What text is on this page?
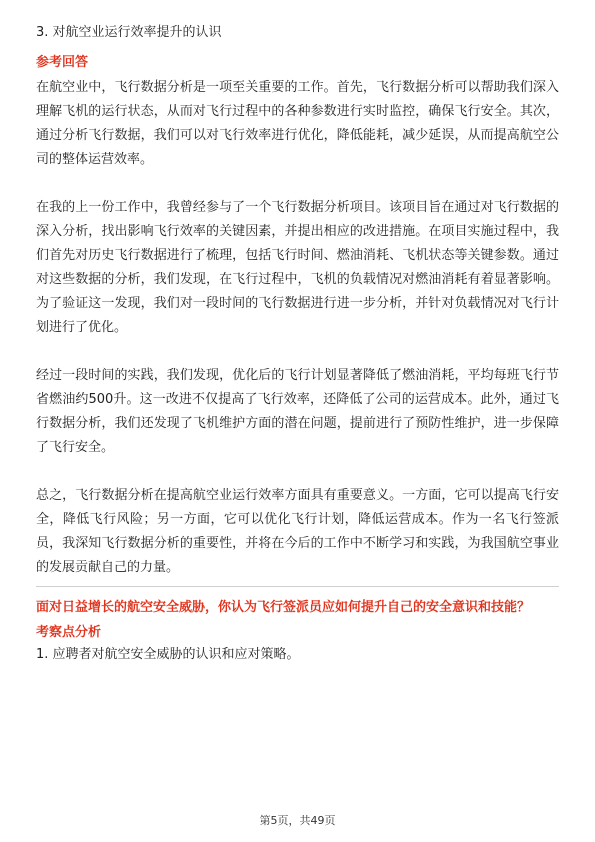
3. 对航空业运行效率提升的认识
参考回答

在航空业中，飞行数据分析是一项至关重要的工作。首先，飞行数据分析可以帮助我们深入理解飞机的运行状态，从而对飞行过程中的各种参数进行实时监控，确保飞行安全。其次，通过分析飞行数据，我们可以对飞行效率进行优化，降低能耗，减少延误，从而提高航空公司的整体运营效率。

在我的上一份工作中，我曾经参与了一个飞行数据分析项目。该项目旨在通过对飞行数据的深入分析，找出影响飞行效率的关键因素，并提出相应的改进措施。在项目实施过程中，我们首先对历史飞行数据进行了梳理，包括飞行时间、燃油消耗、飞机状态等关键参数。通过对这些数据的分析，我们发现，在飞行过程中，飞机的负载情况对燃油消耗有着显著影响。为了验证这一发现，我们对一段时间的飞行数据进行进一步分析，并针对负载情况对飞行计划进行了优化。

经过一段时间的实践，我们发现，优化后的飞行计划显著降低了燃油消耗，平均每班飞行节省燃油约500升。这一改进不仅提高了飞行效率，还降低了公司的运营成本。此外，通过飞行数据分析，我们还发现了飞机维护方面的潜在问题，提前进行了预防性维护，进一步保障了飞行安全。

总之，飞行数据分析在提高航空业运行效率方面具有重要意义。一方面，它可以提高飞行安全，降低飞行风险；另一方面，它可以优化飞行计划，降低运营成本。作为一名飞行签派员，我深知飞行数据分析的重要性，并将在今后的工作中不断学习和实践，为我国航空事业的发展贡献自己的力量。

面对日益增长的航空安全威胁，你认为飞行签派员应如何提升自己的安全意识和技能？
考察点分析
1. 应聘者对航空安全威胁的认识和应对策略。
第5页，共49页
